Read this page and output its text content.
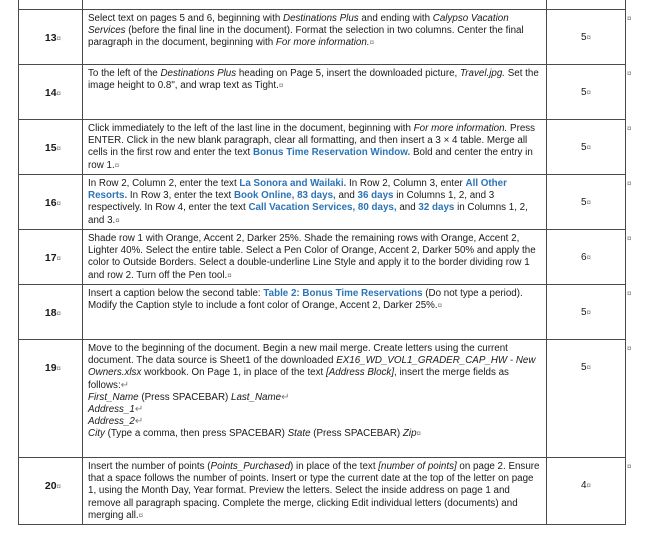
13¤	Select text on pages 5 and 6, beginning with Destinations Plus and ending with Calypso Vacation Services (before the final line in the document). Format the selection in two columns. Center the final paragraph in the document, beginning with For more information.¤	5¤

14¤	To the left of the Destinations Plus heading on Page 5, insert the downloaded picture, Travel.jpg. Set the image height to 0.8", and wrap text as Tight.¤	5¤

15¤	Click immediately to the left of the last line in the document, beginning with For more information. Press ENTER. Click in the new blank paragraph, clear all formatting, and then insert a 3 × 4 table. Merge all cells in the first row and enter the text Bonus Time Reservation Window. Bold and center the entry in row 1.¤	5¤

16¤	In Row 2, Column 2, enter the text La Sonora and Wailaki. In Row 2, Column 3, enter All Other Resorts. In Row 3, enter the text Book Online, 83 days, and 36 days in Columns 1, 2, and 3 respectively. In Row 4, enter the text Call Vacation Services, 80 days, and 32 days in Columns 1, 2, and 3.¤	5¤

17¤	Shade row 1 with Orange, Accent 2, Darker 25%. Shade the remaining rows with Orange, Accent 2, Lighter 40%. Select the entire table. Select a Pen Color of Orange, Accent 2, Darker 50% and apply the color to Outside Borders. Select a double-underline Line Style and apply it to the border dividing row 1 and row 2. Turn off the Pen tool.¤	6¤

18¤	Insert a caption below the second table: Table 2: Bonus Time Reservations (Do not type a period). Modify the Caption style to include a font color of Orange, Accent 2, Darker 25%.¤	5¤

19¤	Move to the beginning of the document. Begin a new mail merge. Create letters using the current document. The data source is Sheet1 of the downloaded EX16_WD_VOL1_GRADER_CAP_HW - New Owners.xlsx workbook. On Page 1, in place of the text [Address Block], insert the merge fields as follows:↵
First_Name (Press SPACEBAR) Last_Name↵
Address_1↵
Address_2↵
City (Type a comma, then press SPACEBAR) State (Press SPACEBAR) Zip¤	5¤

20¤	Insert the number of points (Points_Purchased) in place of the text [number of points] on page 2. Ensure that a space follows the number of points. Insert or type the current date at the top of the letter on page 1, using the Month Day, Year format. Preview the letters. Select the inside address on page 1 and remove all paragraph spacing. Complete the merge, clicking Edit individual letters (documents) and merging all.¤	4¤
¤
¤
¤
¤
¤
¤
¤
¤
